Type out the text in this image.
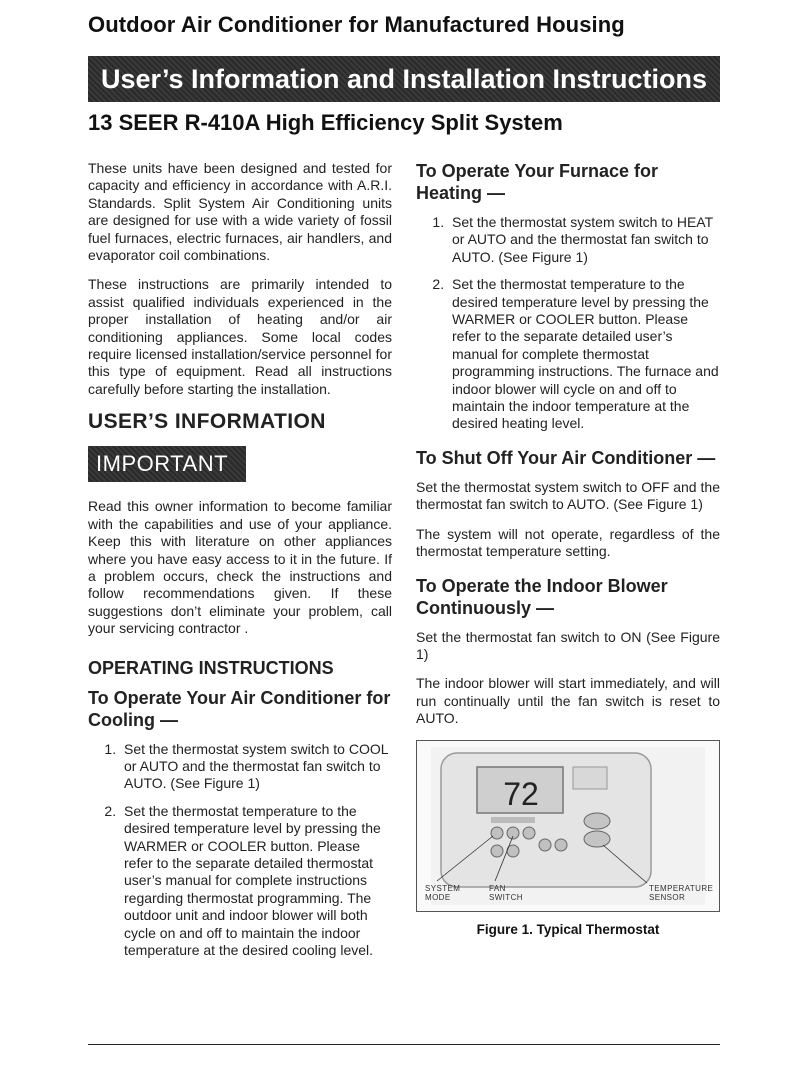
Outdoor Air Conditioner for Manufactured Housing
User’s Information and Installation Instructions
13 SEER R-410A High Efficiency Split System

These units have been designed and tested for capacity and efficiency in accordance with A.R.I. Standards. Split System Air Conditioning units are designed for use with a wide variety of fossil fuel furnaces, electric furnaces, air handlers, and evaporator coil combinations.

These instructions are primarily intended to assist qualified individuals experienced in the proper installation of heating and/or air conditioning appliances. Some local codes require licensed installation/service personnel for this type of equipment. Read all instructions carefully before starting the installation.

USER’S INFORMATION
IMPORTANT

Read this owner information to become familiar with the capabilities and use of your appliance. Keep this with literature on other appliances where you have easy access to it in the future. If a problem occurs, check the instructions and follow recommendations given. If these suggestions don’t eliminate your problem, call your servicing contractor .

OPERATING INSTRUCTIONS
To Operate Your Air Conditioner for Cooling —
1. Set the thermostat system switch to COOL or AUTO and the thermostat fan switch to AUTO. (See Figure 1)
2. Set the thermostat temperature to the desired temperature level by pressing the WARMER or COOLER button. Please refer to the separate detailed thermostat user’s manual for complete instructions regarding thermostat programming. The outdoor unit and indoor blower will both cycle on and off to maintain the indoor temperature at the desired cooling level.
To Operate Your Furnace for Heating —
1. Set the thermostat system switch to HEAT or AUTO and the thermostat fan switch to AUTO. (See Figure 1)
2. Set the thermostat temperature to the desired temperature level by pressing the WARMER or COOLER button. Please refer to the separate detailed user’s manual for complete thermostat programming instructions. The furnace and indoor blower will cycle on and off to maintain the indoor temperature at the desired heating level.
To Shut Off Your Air Conditioner —

Set the thermostat system switch to OFF and the thermostat fan switch to AUTO. (See Figure 1)

The system will not operate, regardless of the thermostat temperature setting.

To Operate the Indoor Blower Continuously —

Set the thermostat fan switch to ON (See Figure 1)

The indoor blower will start immediately, and will run continually until the fan switch is reset to AUTO.

72
SYSTEM
MODE
FAN
SWITCH
TEMPERATURE
SENSOR
Figure 1. Typical Thermostat
